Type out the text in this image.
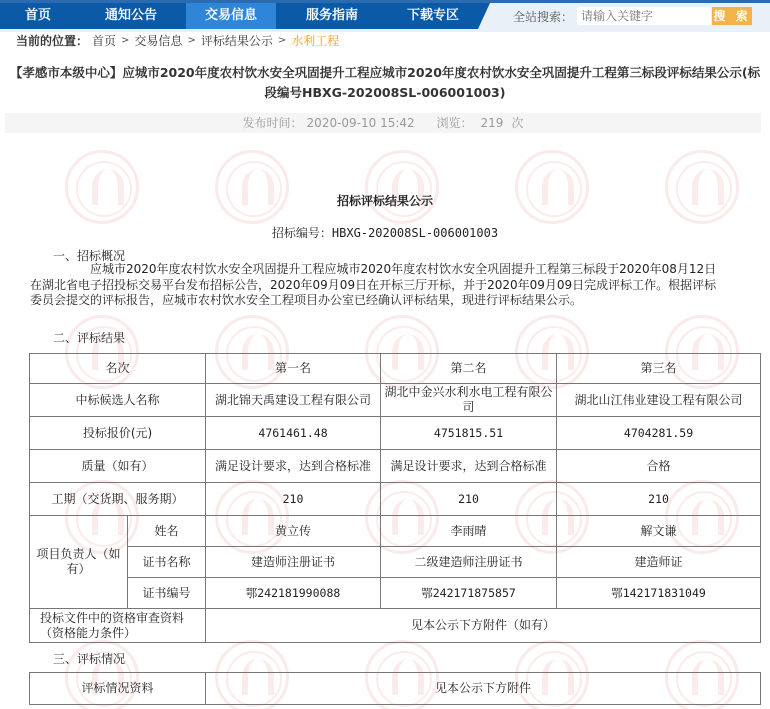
首页	通知公告	交易信息	服务指南	下载专区	全站搜索：
请输入关键字	搜 索
当前的位置： 首页 > 交易信息 > 评标结果公示 > 水利工程
【孝感市本级中心】应城市2020年度农村饮水安全巩固提升工程应城市2020年度农村饮水安全巩固提升工程第三标段评标结果公示(标段编号HBXG-202008SL-006001003)
发布时间： 2020-09-10 15:42 浏览： 219 次
招标评标结果公示
招标编号：HBXG-202008SL-006001003
一、招标概况
应城市2020年度农村饮水安全巩固提升工程应城市2020年度农村饮水安全巩固提升工程第三标段于2020年08月12日在湖北省电子招投标交易平台发布招标公告，2020年09月09日在开标三厅开标，并于2020年09月09日完成评标工作。根据评标委员会提交的评标报告，应城市农村饮水安全工程项目办公室已经确认评标结果，现进行评标结果公示。
二、评标结果
名次		第一名	第二名	第三名
中标候选人名称		湖北锦天禹建设工程有限公司	湖北中金兴水利水电工程有限公司	湖北山江伟业建设工程有限公司
投标报价(元)		4761461.48	4751815.51	4704281.59
质量（如有）		满足设计要求，达到合格标准	满足设计要求，达到合格标准	合格
工期（交货期、服务期）		210	210	210
项目负责人（如有）	姓名	黄立传	李雨晴	解文谦
	证书名称	建造师注册证书	二级建造师注册证书	建造师证
	证书编号	鄂242181990088	鄂242171875857	鄂142171831049
投标文件中的资格审查资料（资格能力条件）		见本公示下方附件（如有）		
三、评标情况
评标情况资料	见本公示下方附件
